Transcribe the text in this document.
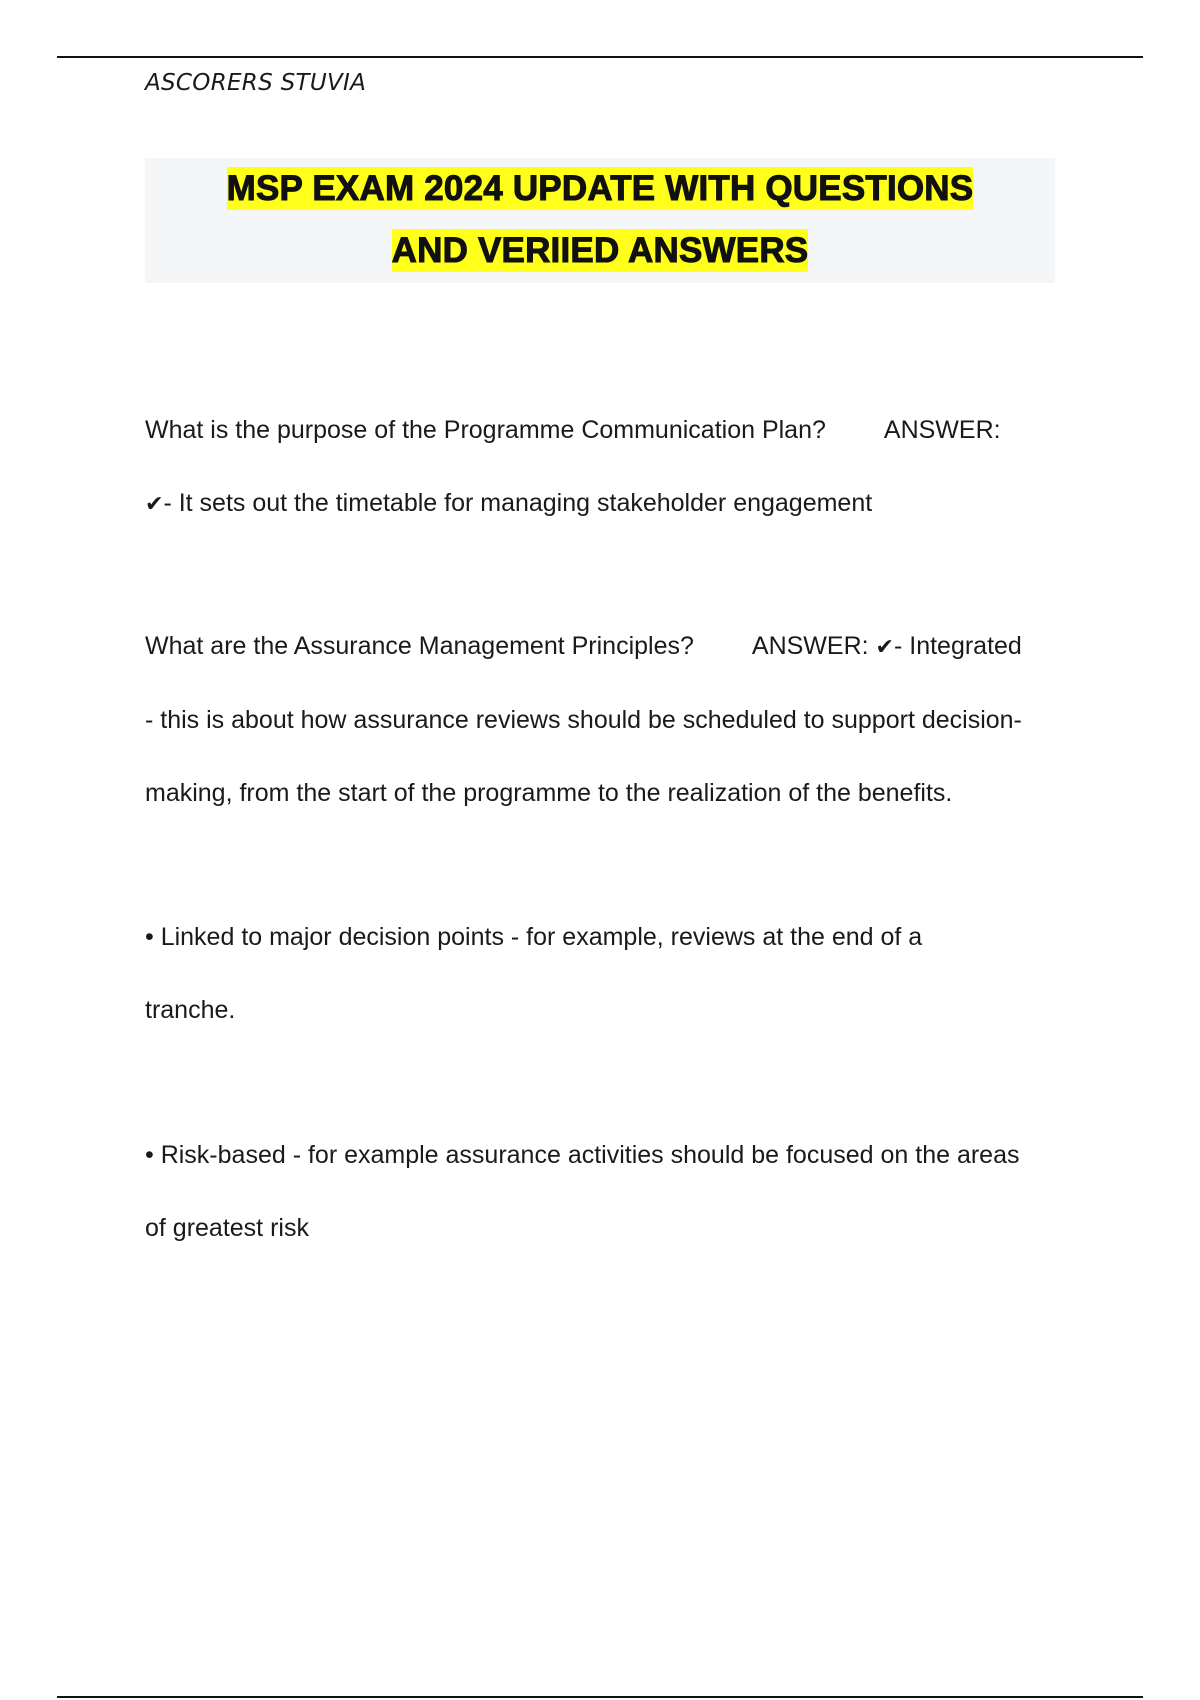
ASCORERS STUVIA
MSP EXAM 2024 UPDATE WITH QUESTIONS
AND VERIIED ANSWERS
What is the purpose of the Programme Communication Plan? ANSWER:
✔- It sets out the timetable for managing stakeholder engagement
What are the Assurance Management Principles? ANSWER: ✔- Integrated
- this is about how assurance reviews should be scheduled to support decision-
making, from the start of the programme to the realization of the benefits.
• Linked to major decision points - for example, reviews at the end of a
tranche.
• Risk-based - for example assurance activities should be focused on the areas
of greatest risk
